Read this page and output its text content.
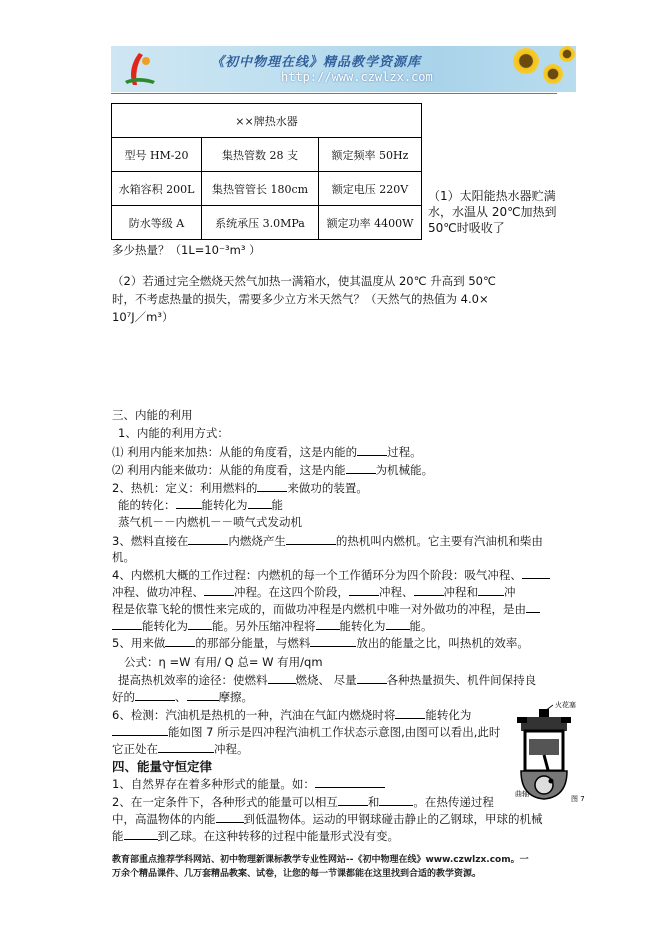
《初中物理在线》精品教学资源库
http://www.czwlzx.com
××牌热水器		
型号 HM-20	集热管数 28 支	额定频率 50Hz
水箱容积 200L	集热管管长 180cm	额定电压 220V
防水等级 A	系统承压 3.0MPa	额定功率 4400W
（1）太阳能热水器贮满水，水温从 20℃加热到 50℃时吸收了
多少热量？（1L=10⁻³m³ ）
（2）若通过完全燃烧天然气加热一满箱水，使其温度从 20℃ 升高到 50℃
时，不考虑热量的损失，需要多少立方米天然气？（天然气的热值为 4.0×
10⁷J／m³）
三、内能的利用
1、内能的利用方式：
⑴ 利用内能来加热：从能的角度看，这是内能的	过程。
⑵ 利用内能来做功：从能的角度看，这是内能	为机械能。
2、热机：定义：利用燃料的	来做功的装置。
能的转化： 能转化为 能
蒸气机－－内燃机－－喷气式发动机
3、燃料直接在	内燃烧产生	的热机叫内燃机。它主要有汽油机和柴由
机。
4、内燃机大概的工作过程：内燃机的每一个工作循环分为四个阶段：吸气冲程、
冲程、做功冲程、	冲程。在这四个阶段，	冲程、	冲程和 冲
程是依靠飞轮的惯性来完成的，而做功冲程是内燃机中唯一对外做功的冲程，是由
能转化为 能。另外压缩冲程将 能转化为 能。
5、用来做	的那部分能量，与燃料	放出的能量之比，叫热机的效率。
公式：η =W 有用/ Q 总= W 有用/qm
提高热机效率的途径：使燃料 燃烧、 尽量	各种热量损失、机件间保持良
好的	、	摩擦。
6、检测：汽油机是热机的一种，汽油在气缸内燃烧时将	能转化为
能如图 7 所示是四冲程汽油机工作状态示意图,由图可以看出,此时
它正处在	冲程。
火花塞
曲轴
图 7
四、能量守恒定律
1、自然界存在着多种形式的能量。如：
2、在一定条件下，各种形式的能量可以相互	和	。在热传递过程
中，高温物体的内能 到低温物体。运动的甲钢球碰击静止的乙钢球，甲球的机械
能	到乙球。在这种转移的过程中能量形式没有变。
教育部重点推荐学科网站、初中物理新课标教学专业性网站--《初中物理在线》www.czwlzx.com。一
万余个精品课件、几万套精品教案、试卷，让您的每一节课都能在这里找到合适的教学资源。
